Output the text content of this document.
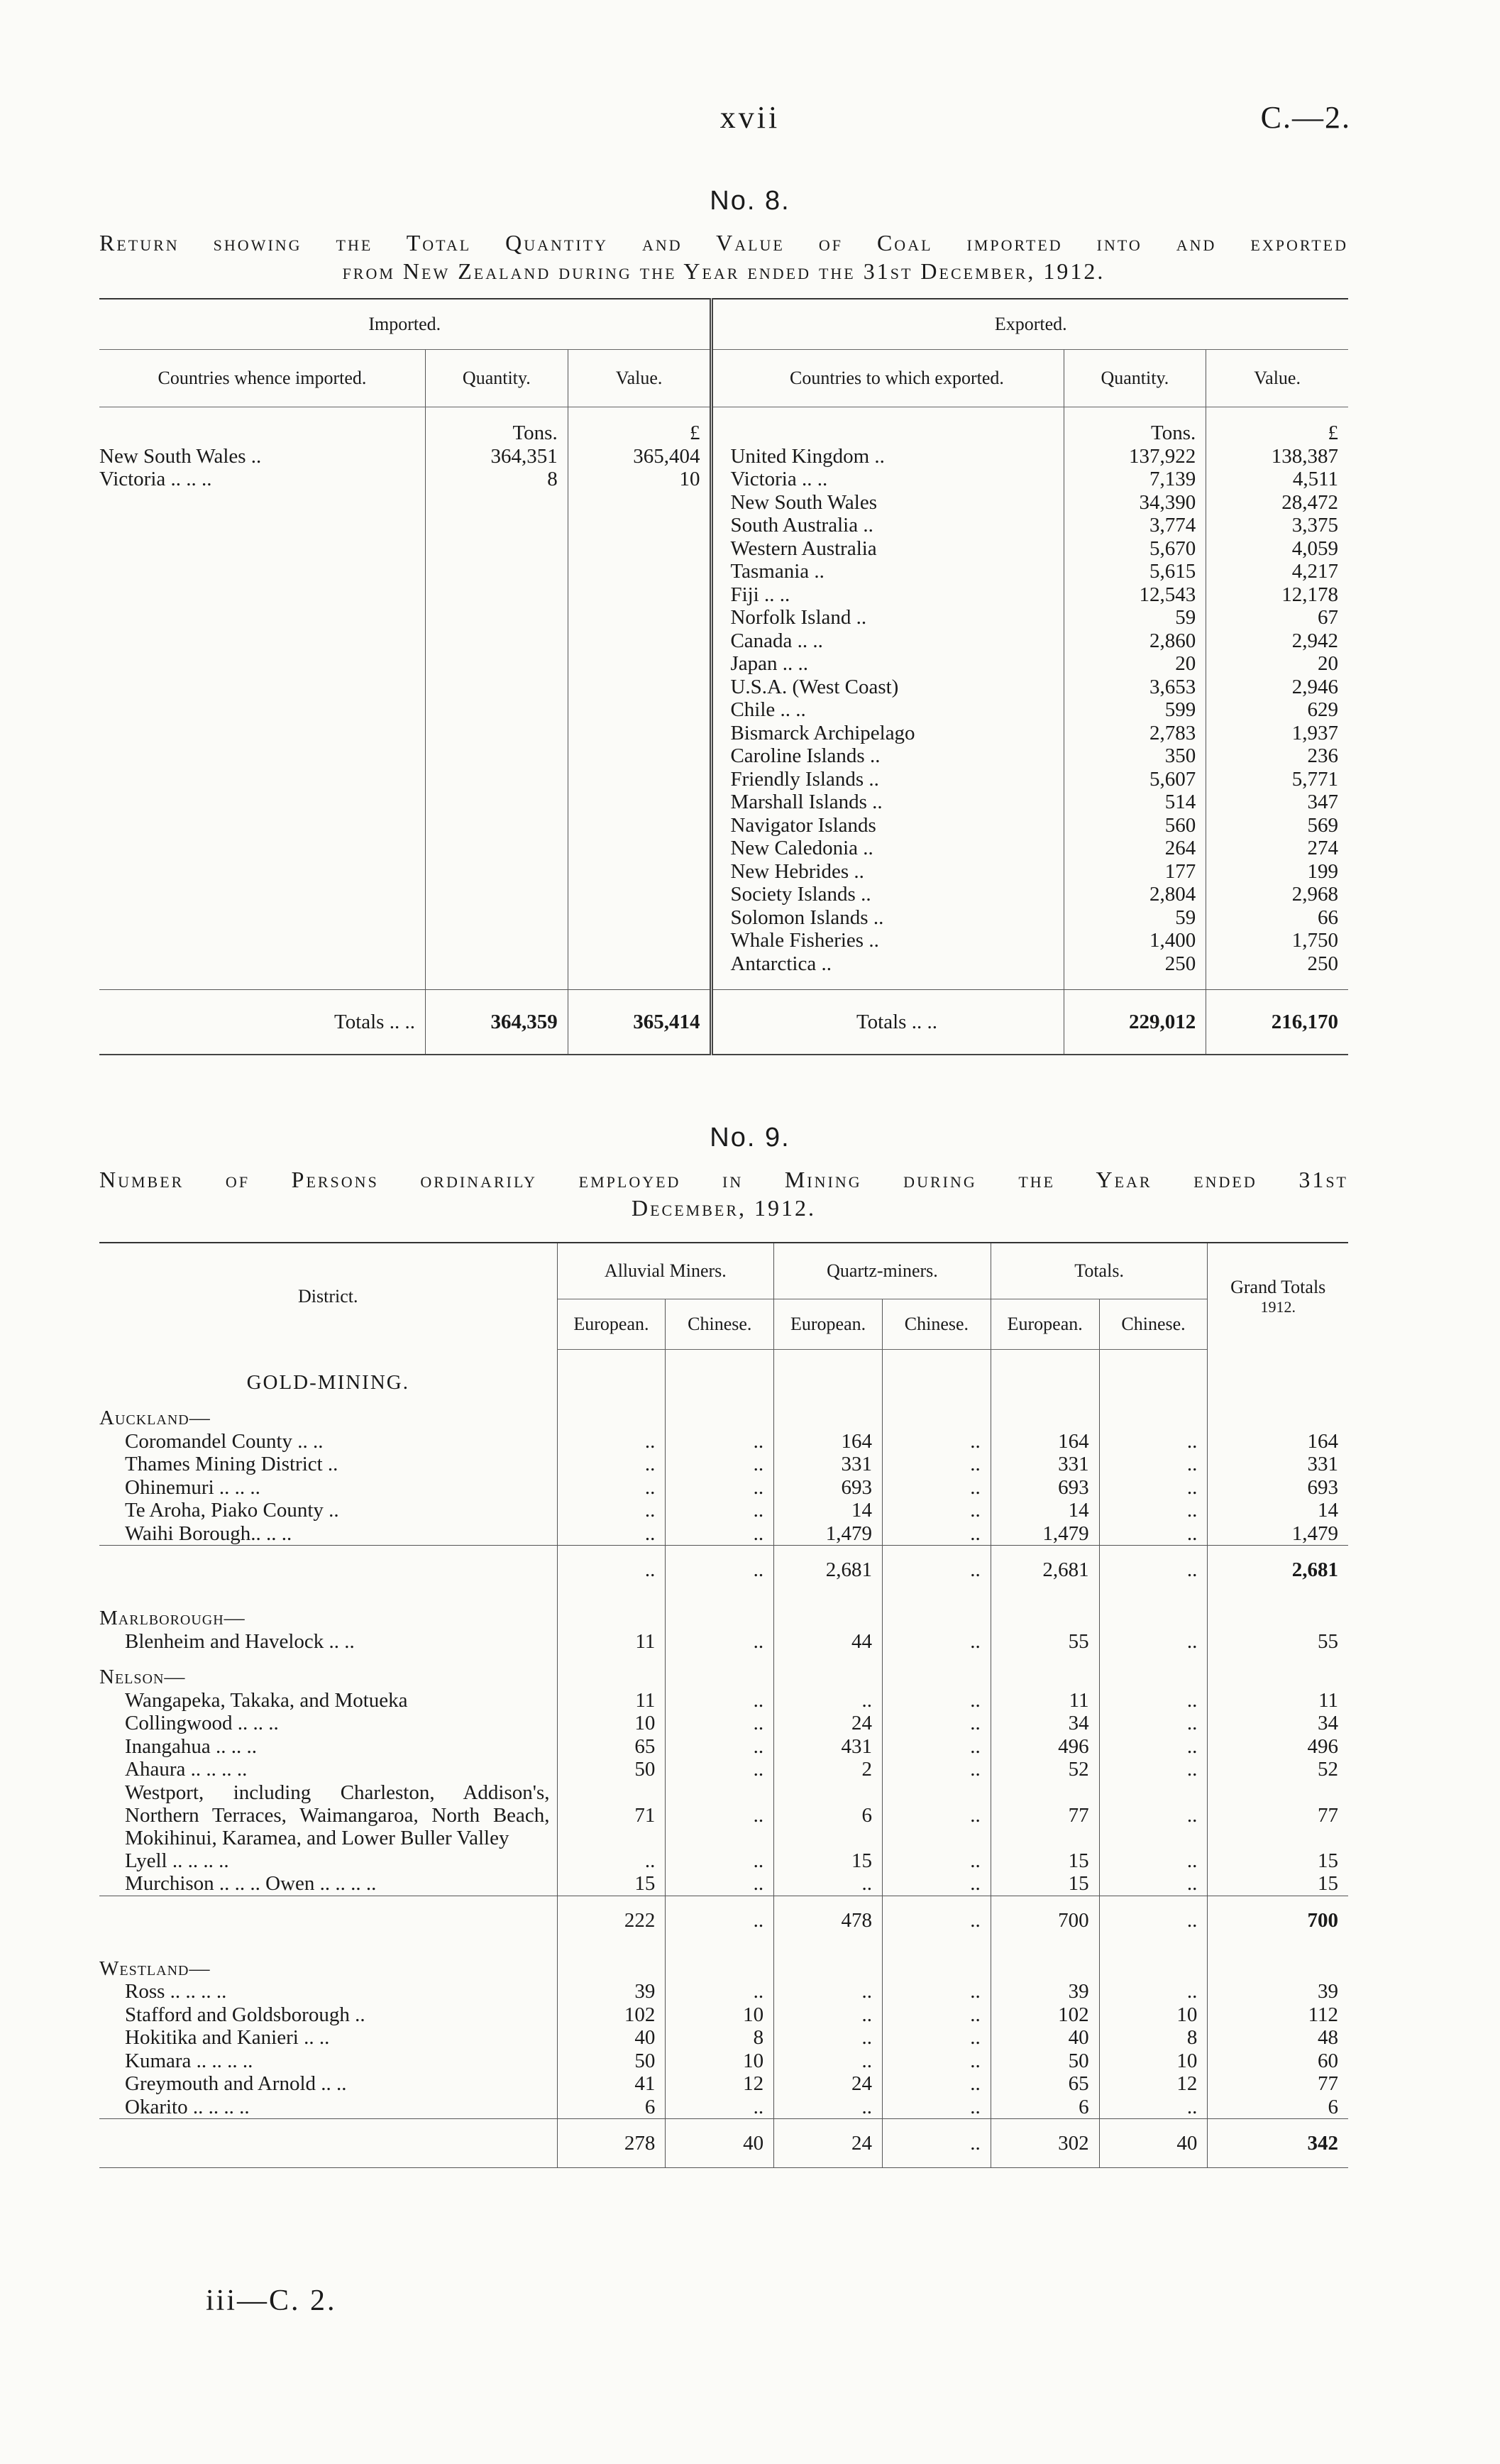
xvii	C.—2.
No. 8.
Return showing the Total Quantity and Value of Coal imported into and exported
from New Zealand during the Year ended the 31st December, 1912.
Imported.			Exported.		
Countries whence imported.	Quantity.	Value.	Countries to which exported.	Quantity.	Value.

	Tons.	£		Tons.	£
New South Wales ..	364,351	365,404	United Kingdom ..	137,922	138,387
Victoria .. .. ..	8	10	Victoria .. ..	7,139	4,511
			New South Wales	34,390	28,472
			South Australia ..	3,774	3,375
			Western Australia	5,670	4,059
			Tasmania ..	5,615	4,217
			Fiji .. ..	12,543	12,178
			Norfolk Island ..	59	67
			Canada .. ..	2,860	2,942
			Japan .. ..	20	20
			U.S.A. (West Coast)	3,653	2,946
			Chile .. ..	599	629
			Bismarck Archipelago	2,783	1,937
			Caroline Islands ..	350	236
			Friendly Islands ..	5,607	5,771
			Marshall Islands ..	514	347
			Navigator Islands	560	569
			New Caledonia ..	264	274
			New Hebrides ..	177	199
			Society Islands ..	2,804	2,968
			Solomon Islands ..	59	66
			Whale Fisheries ..	1,400	1,750
			Antarctica ..	250	250

Totals .. ..	364,359	365,414	Totals .. ..	229,012	216,170
No. 9.
Number of Persons ordinarily employed in Mining during the Year ended 31st
December, 1912.
District.	Alluvial Miners.		Quartz-miners.		Totals.		Grand Totals
1912.

	European.	Chinese.	European.	Chinese.	European.	Chinese.	
GOLD-MINING.							
Auckland—							
Coromandel County .. ..	..	..	164	..	164	..	164
Thames Mining District ..	..	..	331	..	331	..	331
Ohinemuri .. .. ..	..	..	693	..	693	..	693
Te Aroha, Piako County ..	..	..	14	..	14	..	14
Waihi Borough.. .. ..	..	..	1,479	..	1,479	..	1,479
	..	..	2,681	..	2,681	..	2,681
Marlborough—							
Blenheim and Havelock .. ..	11	..	44	..	55	..	55
Nelson—							
Wangapeka, Takaka, and Motueka	11	..	..	..	11	..	11
Collingwood .. .. ..	10	..	24	..	34	..	34
Inangahua .. .. ..	65	..	431	..	496	..	496
Ahaura .. .. .. ..	50	..	2	..	52	..	52
Westport, including Charleston, Addison's, Northern Terraces, Waimangaroa, North Beach, Mokihinui, Karamea, and Lower Buller Valley	71	..	6	..	77	..	77
Lyell .. .. .. ..	..	..	15	..	15	..	15
Murchison .. .. .. Owen .. .. .. ..	15	..	..	..	15	..	15
	222	..	478	..	700	..	700
Westland—							
Ross .. .. .. ..	39	..	..	..	39	..	39
Stafford and Goldsborough ..	102	10	..	..	102	10	112
Hokitika and Kanieri .. ..	40	8	..	..	40	8	48
Kumara .. .. .. ..	50	10	..	..	50	10	60
Greymouth and Arnold .. ..	41	12	24	..	65	12	77
Okarito .. .. .. ..	6	..	..	..	6	..	6
	278	40	24	..	302	40	342
iii—C. 2.
